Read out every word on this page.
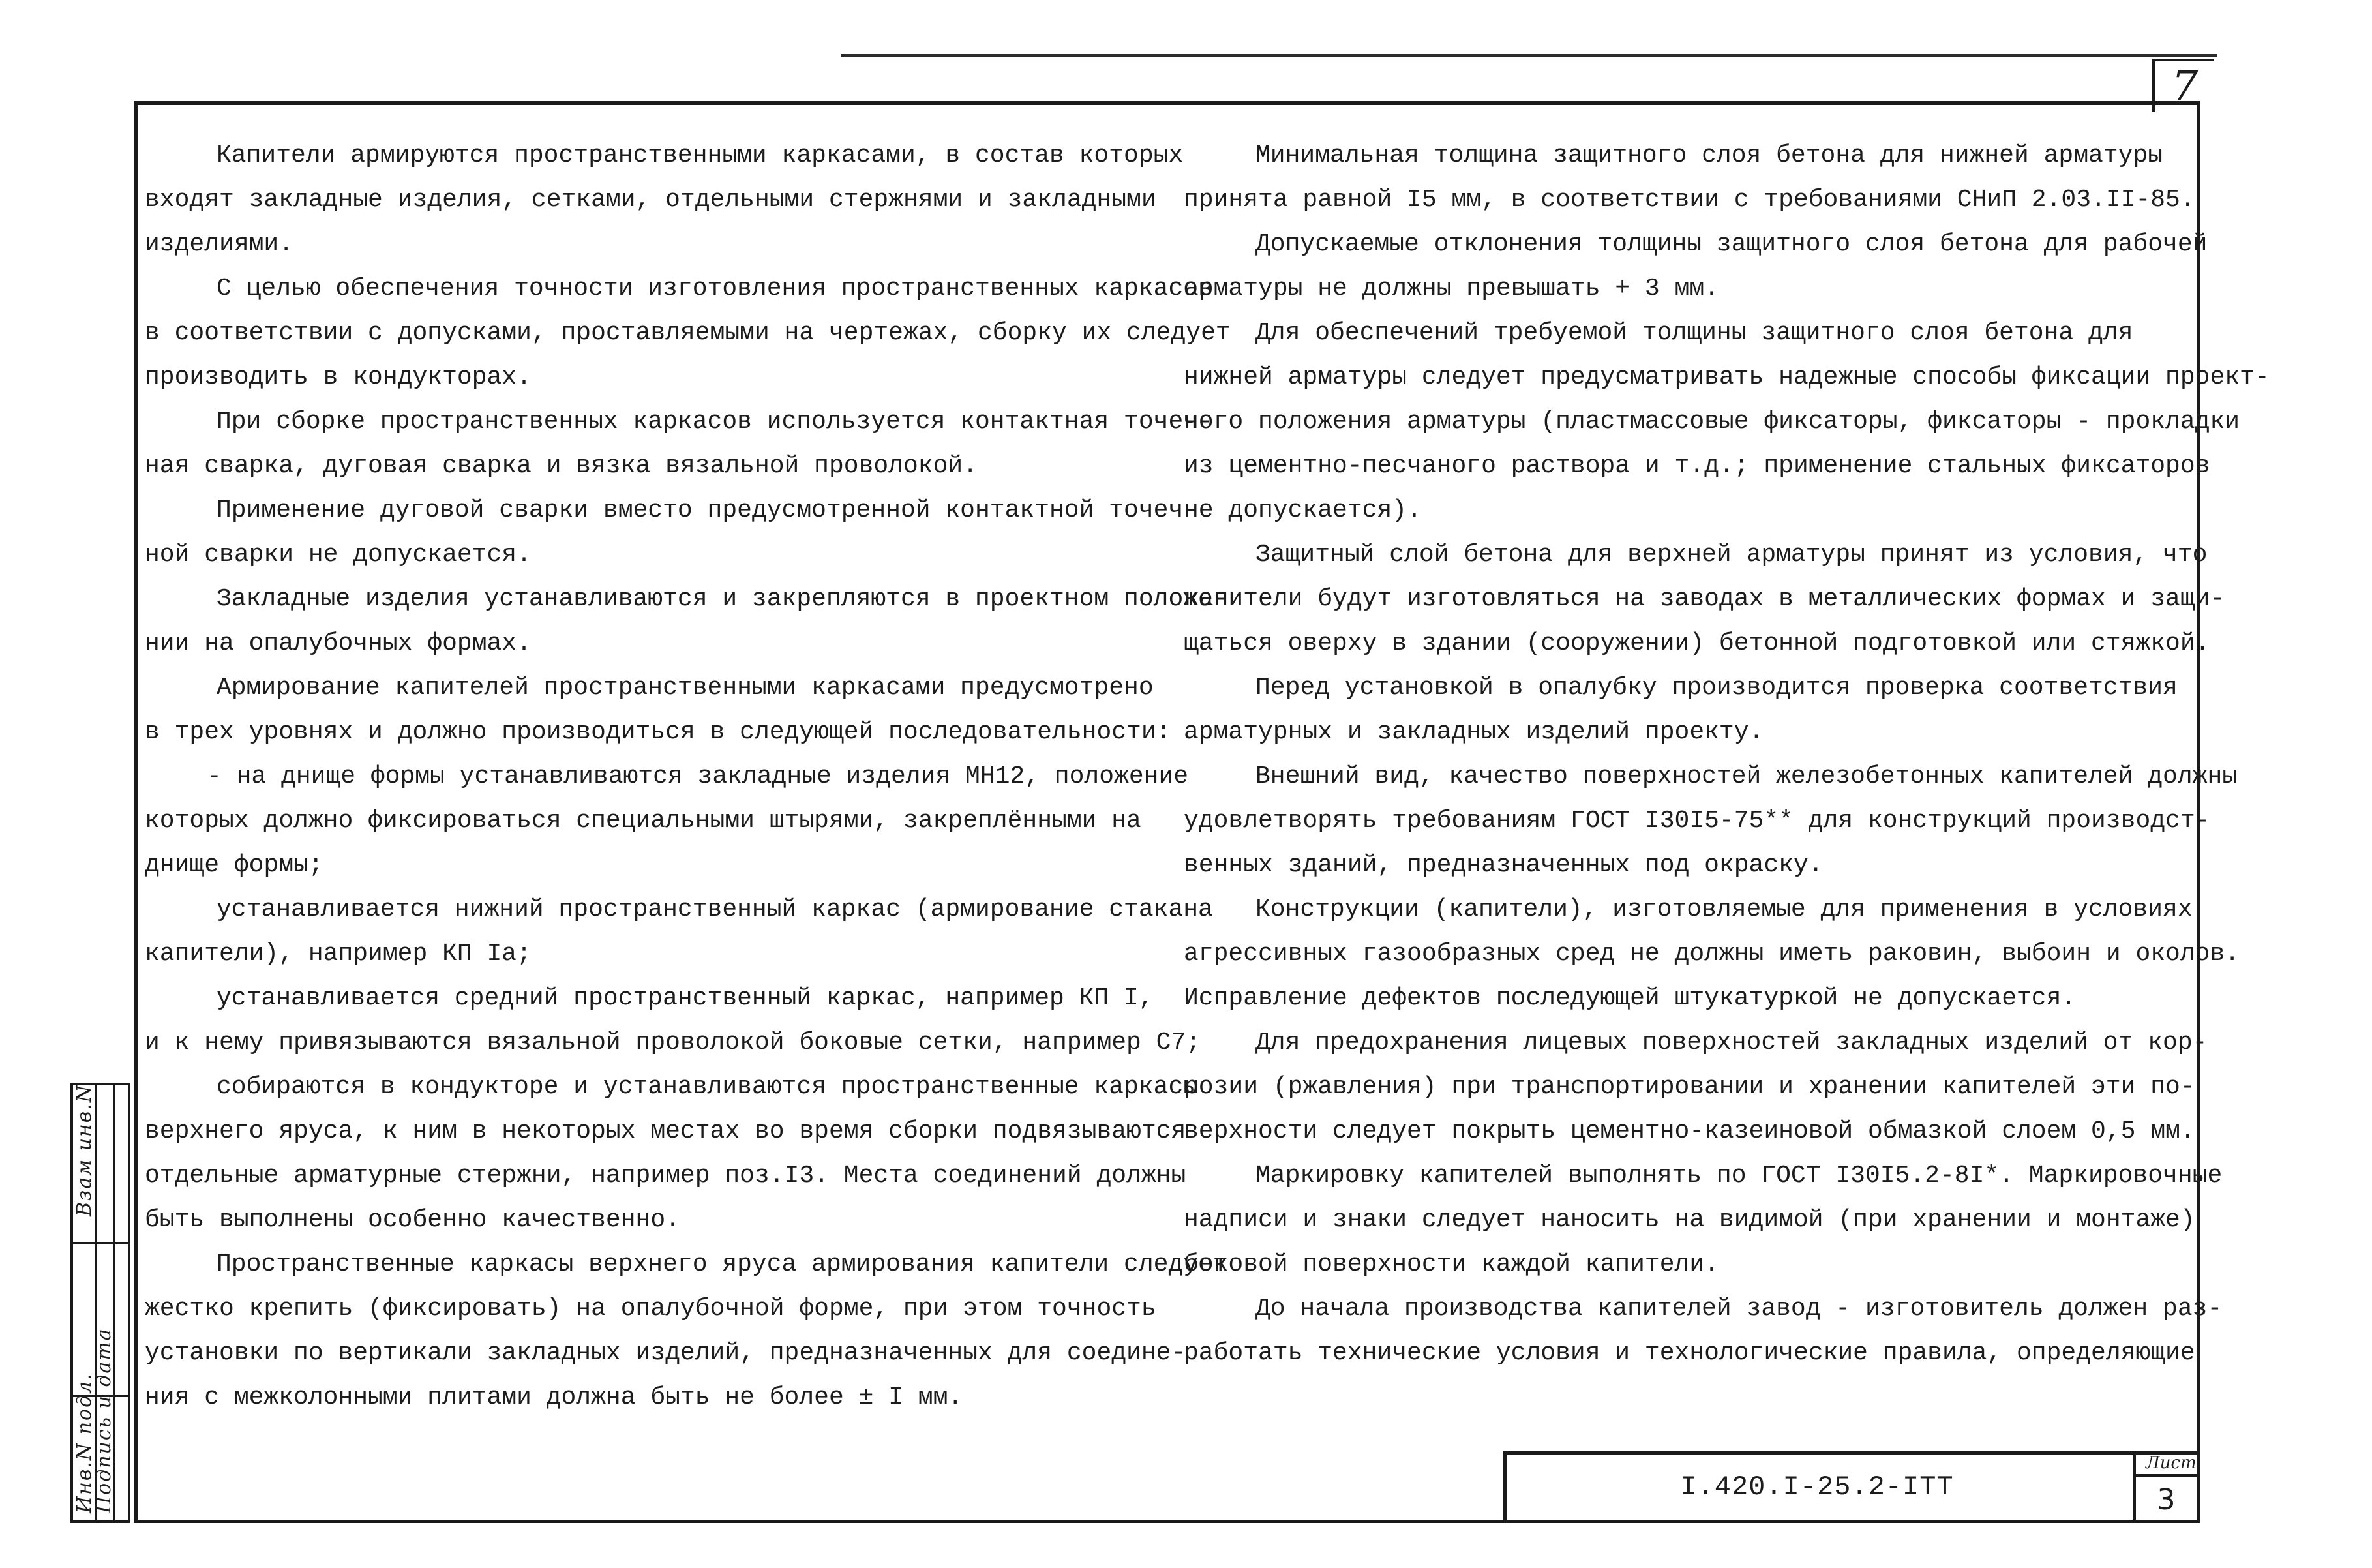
7
Взам инв.N
Инв.N подл.
Подпись и дата
Капители армируются пространственными каркасами, в состав которых
входят закладные изделия, сетками, отдельными стержнями и закладными
изделиями.
С целью обеспечения точности изготовления пространственных каркасов
в соответствии с допусками, проставляемыми на чертежах, сборку их следует
производить в кондукторах.
При сборке пространственных каркасов используется контактная точеч-
ная сварка, дуговая сварка и вязка вязальной проволокой.
Применение дуговой сварки вместо предусмотренной контактной точеч-
ной сварки не допускается.
Закладные изделия устанавливаются и закрепляются в проектном положе-
нии на опалубочных формах.
Армирование капителей пространственными каркасами предусмотрено
в трех уровнях и должно производиться в следующей последовательности:
- на днище формы устанавливаются закладные изделия МН12, положение
которых должно фиксироваться специальными штырями, закреплёнными на
днище формы;
устанавливается нижний пространственный каркас (армирование стакана
капители), например КП Iа;
устанавливается средний пространственный каркас, например КП I,
и к нему привязываются вязальной проволокой боковые сетки, например С7;
собираются в кондукторе и устанавливаются пространственные каркасы
верхнего яруса, к ним в некоторых местах во время сборки подвязываются
отдельные арматурные стержни, например поз.I3. Места соединений должны
быть выполнены особенно качественно.
Пространственные каркасы верхнего яруса армирования капители следует
жестко крепить (фиксировать) на опалубочной форме, при этом точность
установки по вертикали закладных изделий, предназначенных для соедине-
ния с межколонными плитами должна быть не более ± I мм.
Минимальная толщина защитного слоя бетона для нижней арматуры
принята равной I5 мм, в соответствии с требованиями СНиП 2.03.II-85.
Допускаемые отклонения толщины защитного слоя бетона для рабочей
арматуры не должны превышать + 3 мм.
Для обеспечений требуемой толщины защитного слоя бетона для
нижней арматуры следует предусматривать надежные способы фиксации проект-
ного положения арматуры (пластмассовые фиксаторы, фиксаторы - прокладки
из цементно-песчаного раствора и т.д.; применение стальных фиксаторов
не допускается).
Защитный слой бетона для верхней арматуры принят из условия, что
капители будут изготовляться на заводах в металлических формах и защи-
щаться оверху в здании (сооружении) бетонной подготовкой или стяжкой.
Перед установкой в опалубку производится проверка соответствия
арматурных и закладных изделий проекту.
Внешний вид, качество поверхностей железобетонных капителей должны
удовлетворять требованиям ГОСТ I30I5-75** для конструкций производст-
венных зданий, предназначенных под окраску.
Конструкции (капители), изготовляемые для применения в условиях
агрессивных газообразных сред не должны иметь раковин, выбоин и околов.
Исправление дефектов последующей штукатуркой не допускается.
Для предохранения лицевых поверхностей закладных изделий от кор-
розии (ржавления) при транспортировании и хранении капителей эти по-
верхности следует покрыть цементно-казеиновой обмазкой слоем 0,5 мм.
Маркировку капителей выполнять по ГОСТ I30I5.2-8I*. Маркировочные
надписи и знаки следует наносить на видимой (при хранении и монтаже)
боковой поверхности каждой капители.
До начала производства капителей завод - изготовитель должен раз-
работать технические условия и технологические правила, определяющие
I.420.I-25.2-ITT
Лист
3
